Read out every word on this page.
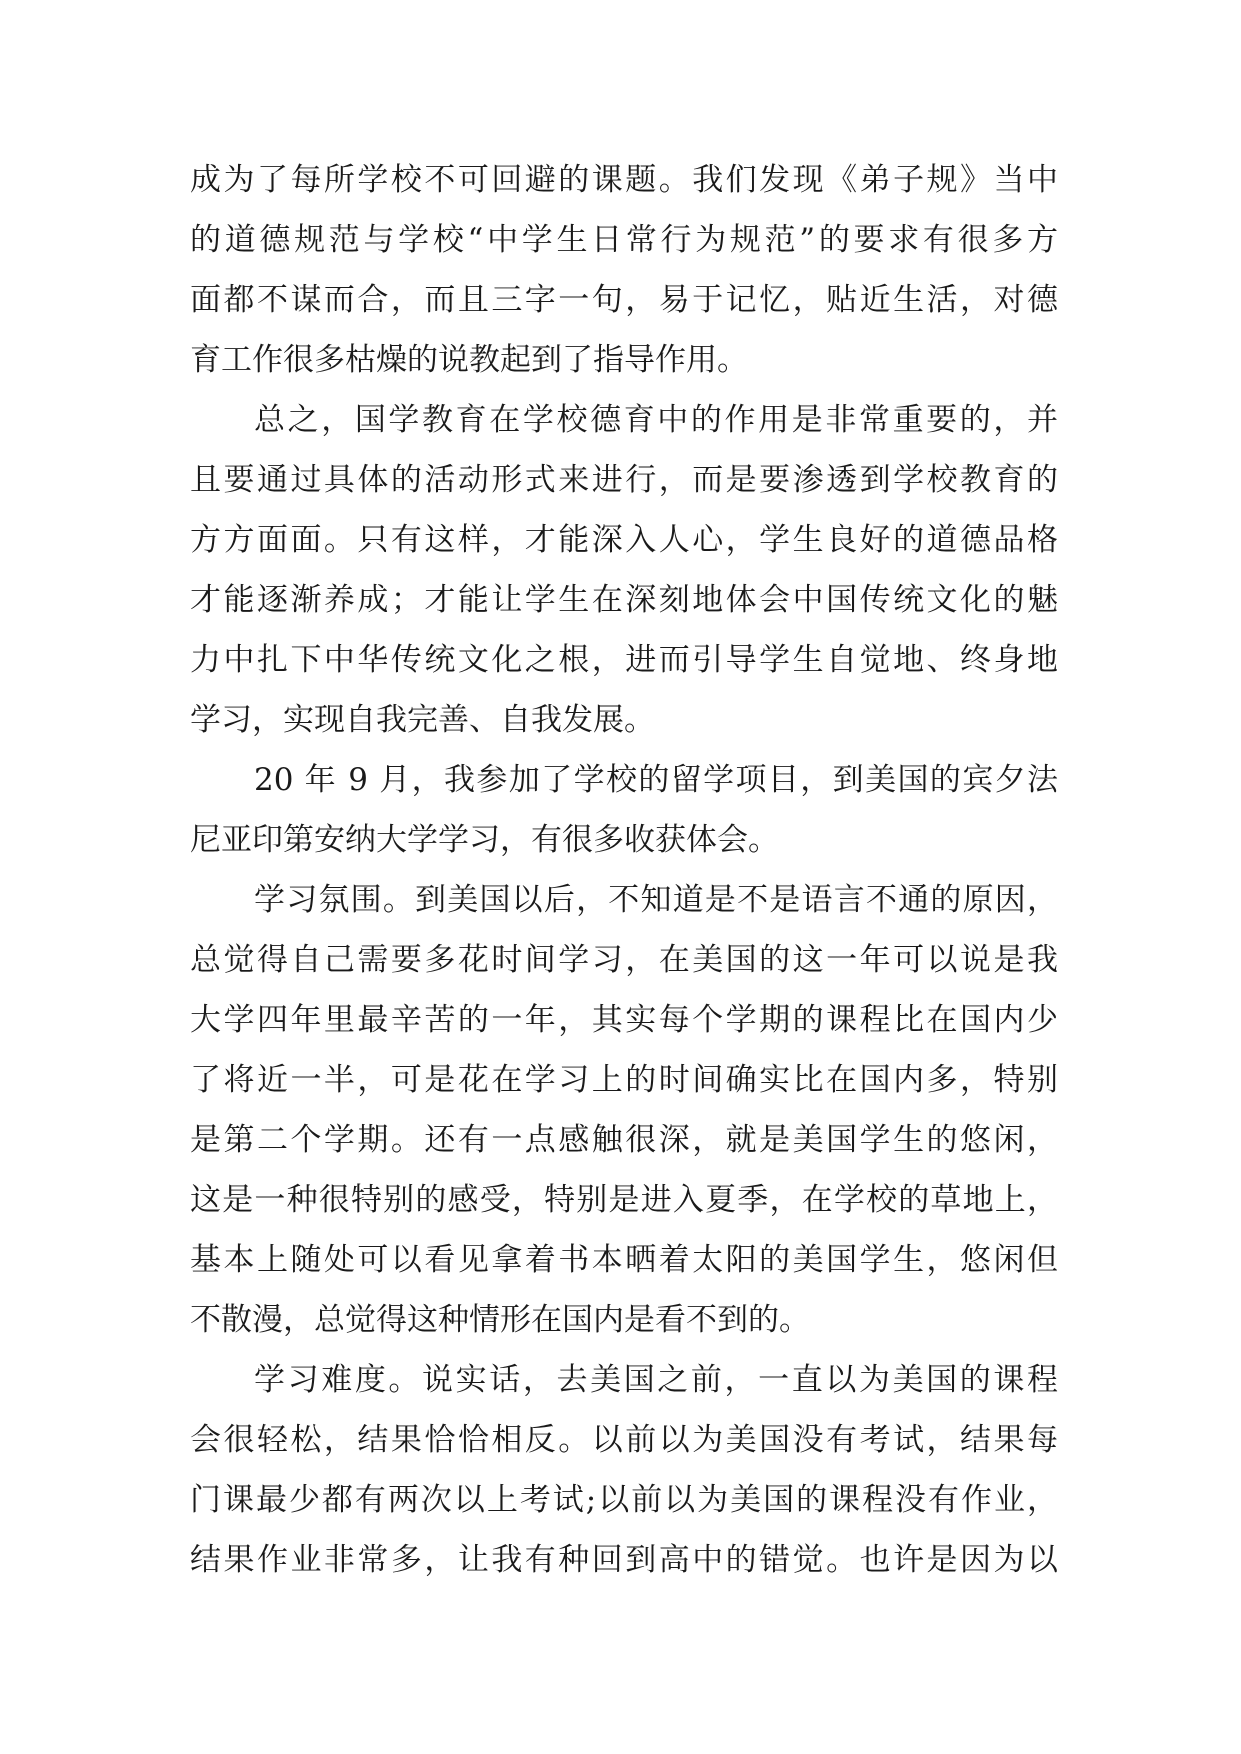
成为了每所学校不可回避的课题。我们发现《弟子规》当中
的道德规范与学校“中学生日常行为规范”的要求有很多方
面都不谋而合，而且三字一句，易于记忆，贴近生活，对德
育工作很多枯燥的说教起到了指导作用。
总之，国学教育在学校德育中的作用是非常重要的，并
且要通过具体的活动形式来进行，而是要渗透到学校教育的
方方面面。只有这样，才能深入人心，学生良好的道德品格
才能逐渐养成；才能让学生在深刻地体会中国传统文化的魅
力中扎下中华传统文化之根，进而引导学生自觉地、终身地
学习，实现自我完善、自我发展。
20 年 9 月，我参加了学校的留学项目，到美国的宾夕法
尼亚印第安纳大学学习，有很多收获体会。
学习氛围。到美国以后，不知道是不是语言不通的原因，
总觉得自己需要多花时间学习，在美国的这一年可以说是我
大学四年里最辛苦的一年，其实每个学期的课程比在国内少
了将近一半，可是花在学习上的时间确实比在国内多，特别
是第二个学期。还有一点感触很深，就是美国学生的悠闲，
这是一种很特别的感受，特别是进入夏季，在学校的草地上，
基本上随处可以看见拿着书本晒着太阳的美国学生，悠闲但
不散漫，总觉得这种情形在国内是看不到的。
学习难度。说实话，去美国之前，一直以为美国的课程
会很轻松，结果恰恰相反。以前以为美国没有考试，结果每
门课最少都有两次以上考试;以前以为美国的课程没有作业，
结果作业非常多，让我有种回到高中的错觉。也许是因为以
